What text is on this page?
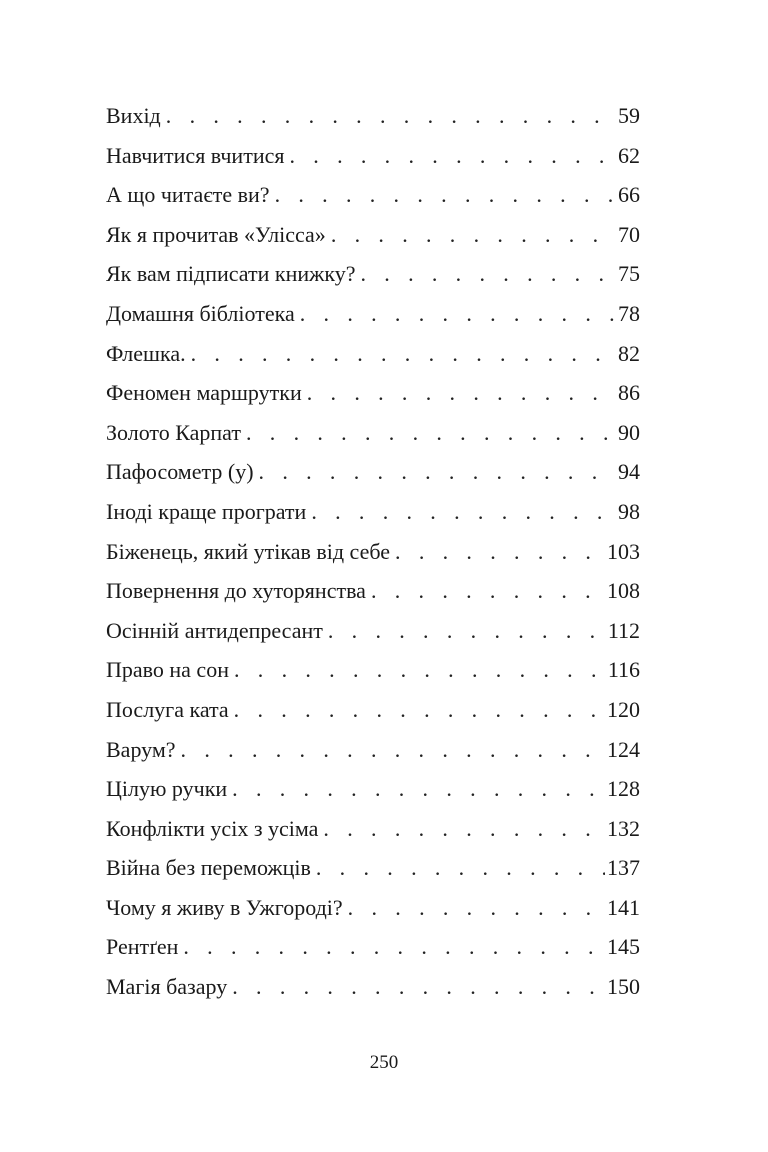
Вихід . . .	59
Навчитися вчитися . . .	62
А що читаєте ви? . . .	66
Як я прочитав «Улісса» . . .	70
Як вам підписати книжку? . . .	75
Домашня бібліотека . . .	78
Флешка. . . .	82
Феномен маршрутки . . .	86
Золото Карпат . . .	90
Пафосометр (у) . . .	94
Іноді краще програти . . .	98
Біженець, який утікав від себе . . .	103
Повернення до хуторянства . . .	108
Осінній антидепресант . . .	112
Право на сон . . .	116
Послуга ката . . .	120
Варум? . . .	124
Цілую ручки . . .	128
Конфлікти усіх з усіма . . .	132
Війна без переможців . . .	137
Чому я живу в Ужгороді? . . .	141
Рентґен . . .	145
Магія базару . . .	150
250
